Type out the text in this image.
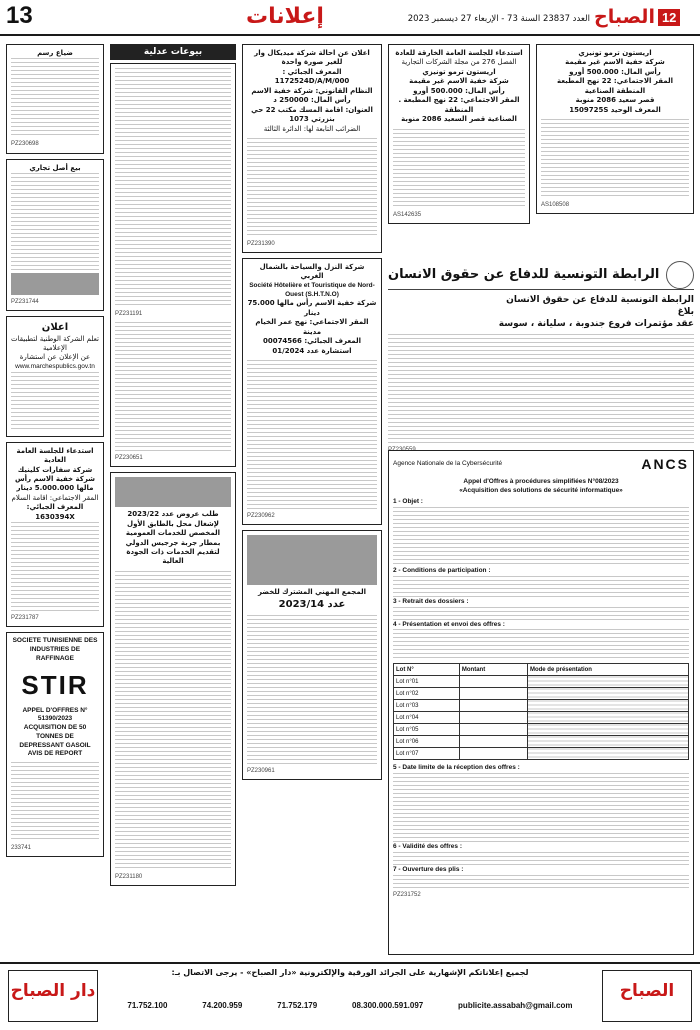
13	إعلانات	العدد 23837 السنة 73 - الإربعاء 27 ديسمبر 2023	12
الصباح
اريستون ترمو تونيزي
شركة خفية الاسم غير مقيمة
رأس المال: 500.000 أورو
المقر الاجتماعي: 22 نهج المطبعة
المنطقة الصناعية
قصر سعيد 2086 منوبة
المعرف الوحيد 1509725S
AS108508
استدعاء للجلسة العامة الخارقة للعادة
الفصل 276 من مجلة الشركات التجارية
اريستون ترمو تونيزي
شركة خفية الاسم غير مقيمة
رأس المال: 500.000 أورو
المقر الاجتماعي: 22 نهج المطبعة . المنطقة
الصناعية قصر السعيد 2086 منوبة
AS142635
الرابطة التونسية للدفاع عن حقوق الانسان
الرابطة التونسية للدفاع عن حقوق الانسان
بلاغ
عقد مؤتمرات فروع جندوبة ، سليانة ، سوسة
PZ230559
Agence Nationale de la Cybersécurité	ANCS
Appel d'Offres à procédures simplifiées N°08/2023
«Acquisition des solutions de sécurité informatique»
1 - Objet :
2 - Conditions de participation :
3 - Retrait des dossiers :
4 - Présentation et envoi des offres :
Lot N°	Montant	Mode de présentation
Lot n°01		
Lot n°02		
Lot n°03		
Lot n°04		
Lot n°05		
Lot n°06		
Lot n°07		
5 - Date limite de la réception des offres :
6 - Validité des offres :
7 - Ouverture des plis :
PZ231752
اعلان عن احالة شركة ميديكال وار
للغير صورة واحدة
المعرف الجبائي : 1172524D/A/M/000
النظام القانوني: شركة خفية الاسم
رأس المال: 250000 د
العنوان: اقامة المسك مكتب 22 حي بنزرتي 1073
الضرائب التابعة لها: الدائرة الثالثة
PZ231390
شركة النزل والسياحة بالشمال الغربي
Société Hôtelière et Touristique de Nord-Ouest (S.H.T.N.O)
شركة خفية الاسم رأس مالها 75.000 دينار
المقر الاجتماعي: نهج عمر الخيام مدينة
المعرف الجبائي: 00074566
استشارة عدد 01/2024
PZ230962
المجمع المهني المشترك للخضر
عدد 2023/14
PZ230961
بيوعات عدلية
PZ231191
PZ230651
طلب عروض عدد 2023/22
لإشغال محل بالطابق الأول المخصص للخدمات العمومية
بمطار جربة جرجيس الدولي
لتقديم الخدمات ذات الجودة العالية
PZ231180
ضياع رسم
PZ230698
بيع أصل تجاري
PZ231744
اعلان
تعلم الشركة الوطنية لتطبيقات الإعلامية
عن الإعلان عن استشارة
www.marchespublics.gov.tn
استدعاء للجلسة العامة العادية
شركة سفارات كلينيك
شركة خفية الاسم رأس مالها 5.000.000 دينار
المقر الاجتماعي: اقامة السلام
المعرف الجبائي: 1630394X
PZ231787
SOCIETE TUNISIENNE DES INDUSTRIES DE RAFFINAGE
STIR
APPEL D'OFFRES N° 51390/2023
ACQUISITION DE 50 TONNES DE
DEPRESSANT GASOIL
AVIS DE REPORT
233741
الصباح
لجميع إعلاناتكم الإشهارية على الجرائد الورقية والإلكترونية «دار الصباح» - يرجى الاتصال بـ:
71.752.100	74.200.959	71.752.179	08.300.000.591.097	publicite.assabah@gmail.com
دار الصباح
